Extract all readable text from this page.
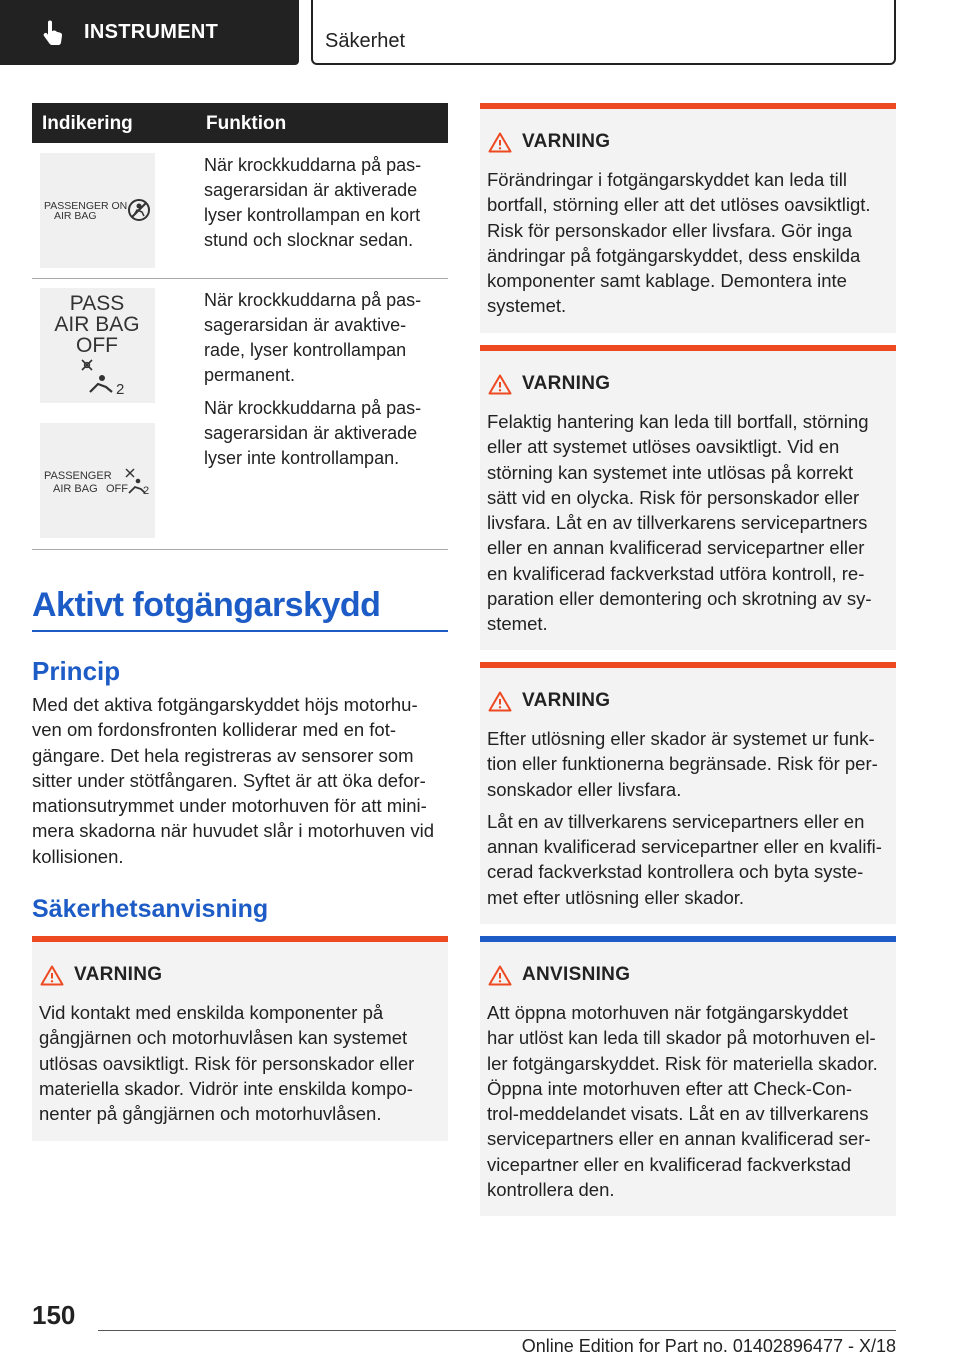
INSTRUMENT	Säkerhet
Indikering	Funktion
PASSENGER ON
AIR BAG
När krockkuddarna på pas-
sagerarsidan är aktiverade
lyser kontrollampan en kort
stund och slocknar sedan.
PASS
AIR BAG
OFF
2
När krockkuddarna på pas-
sagerarsidan är avaktive-
rade, lyser kontrollampan
permanent.
När krockkuddarna på pas-
sagerarsidan är aktiverade
lyser inte kontrollampan.
PASSENGER
AIR BAG OFF 2
Aktivt fotgängarskydd
Princip
Med det aktiva fotgängarskyddet höjs motorhu-
ven om fordonsfronten kolliderar med en fot-
gängare. Det hela registreras av sensorer som
sitter under stötfångaren. Syftet är att öka defor-
mationsutrymmet under motorhuven för att mini-
mera skadorna när huvudet slår i motorhuven vid
kollisionen.
Säkerhetsanvisning
VARNING
Vid kontakt med enskilda komponenter på
gångjärnen och motorhuvlåsen kan systemet
utlösas oavsiktligt. Risk för personskador eller
materiella skador. Vidrör inte enskilda kompo-
nenter på gångjärnen och motorhuvlåsen.
VARNING
Förändringar i fotgängarskyddet kan leda till
bortfall, störning eller att det utlöses oavsiktligt.
Risk för personskador eller livsfara. Gör inga
ändringar på fotgängarskyddet, dess enskilda
komponenter samt kablage. Demontera inte
systemet.
VARNING
Felaktig hantering kan leda till bortfall, störning
eller att systemet utlöses oavsiktligt. Vid en
störning kan systemet inte utlösas på korrekt
sätt vid en olycka. Risk för personskador eller
livsfara. Låt en av tillverkarens servicepartners
eller en annan kvalificerad servicepartner eller
en kvalificerad fackverkstad utföra kontroll, re-
paration eller demontering och skrotning av sy-
stemet.
VARNING

Efter utlösning eller skador är systemet ur funk-
tion eller funktionerna begränsade. Risk för per-
sonskador eller livsfara.

Låt en av tillverkarens servicepartners eller en
annan kvalificerad servicepartner eller en kvalifi-
cerad fackverkstad kontrollera och byta syste-
met efter utlösning eller skador.

ANVISNING
Att öppna motorhuven när fotgängarskyddet
har utlöst kan leda till skador på motorhuven el-
ler fotgängarskyddet. Risk för materiella skador.
Öppna inte motorhuven efter att Check-Con-
trol-meddelandet visats. Låt en av tillverkarens
servicepartners eller en annan kvalificerad ser-
vicepartner eller en kvalificerad fackverkstad
kontrollera den.
150
Online Edition for Part no. 01402896477 - X/18
